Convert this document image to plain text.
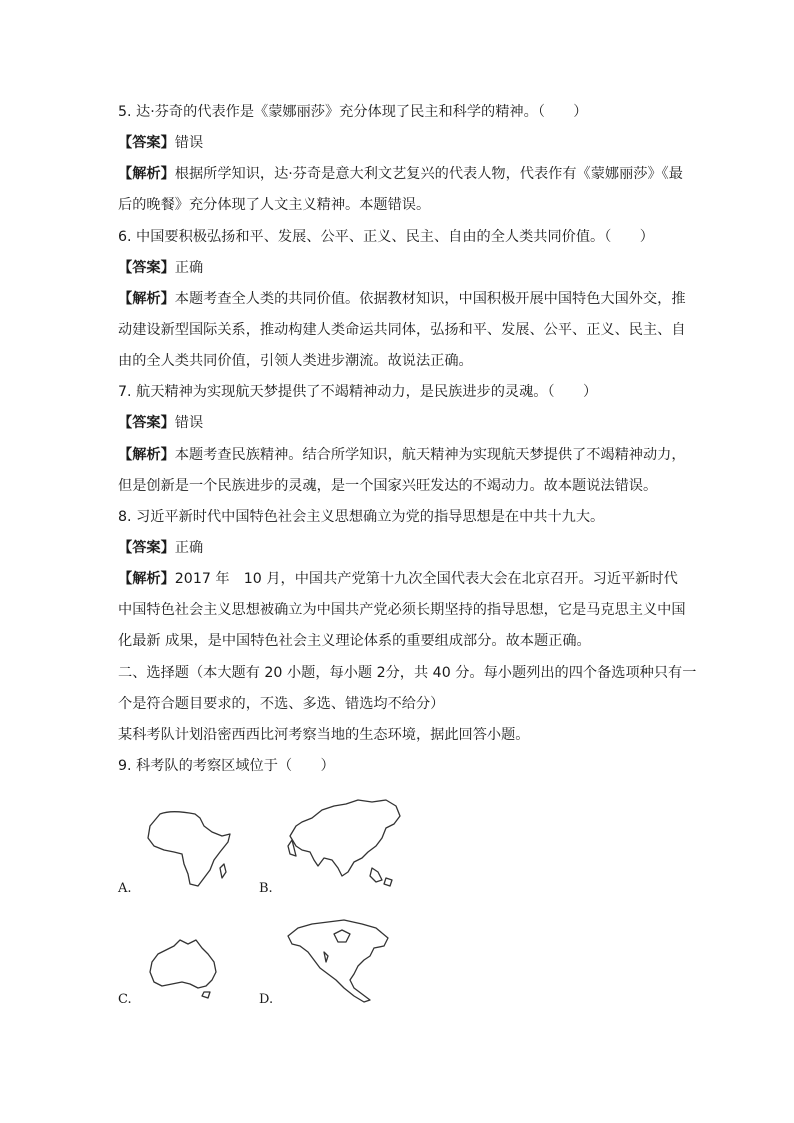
5. 达·芬奇的代表作是《蒙娜丽莎》充分体现了民主和科学的精神。（　　）
【答案】错误
【解析】根据所学知识，达·芬奇是意大利文艺复兴的代表人物，代表作有《蒙娜丽莎》《最
后的晚餐》充分体现了人文主义精神。本题错误。
6. 中国要积极弘扬和平、发展、公平、正义、民主、自由的全人类共同价值。（　　）
【答案】正确
【解析】本题考查全人类的共同价值。依据教材知识，中国积极开展中国特色大国外交，推
动建设新型国际关系，推动构建人类命运共同体，弘扬和平、发展、公平、正义、民主、自
由的全人类共同价值，引领人类进步潮流。故说法正确。
7. 航天精神为实现航天梦提供了不竭精神动力，是民族进步的灵魂。（　　）
【答案】错误
【解析】本题考查民族精神。结合所学知识，航天精神为实现航天梦提供了不竭精神动力，
但是创新是一个民族进步的灵魂，是一个国家兴旺发达的不竭动力。故本题说法错误。
8. 习近平新时代中国特色社会主义思想确立为党的指导思想是在中共十九大。
【答案】正确
【解析】2017 年　10 月，中国共产党第十九次全国代表大会在北京召开。习近平新时代
中国特色社会主义思想被确立为中国共产党必须长期坚持的指导思想，它是马克思主义中国
化最新 成果，是中国特色社会主义理论体系的重要组成部分。故本题正确。
二、选择题（本大题有 20 小题，每小题 2分，共 40 分。每小题列出的四个备选项种只有一
个是符合题目要求的，不选、多选、错选均不给分）
某科考队计划沿密西西比河考察当地的生态环境，据此回答小题。
9. 科考队的考察区域位于（　　）
A.	B.
C.	D.
